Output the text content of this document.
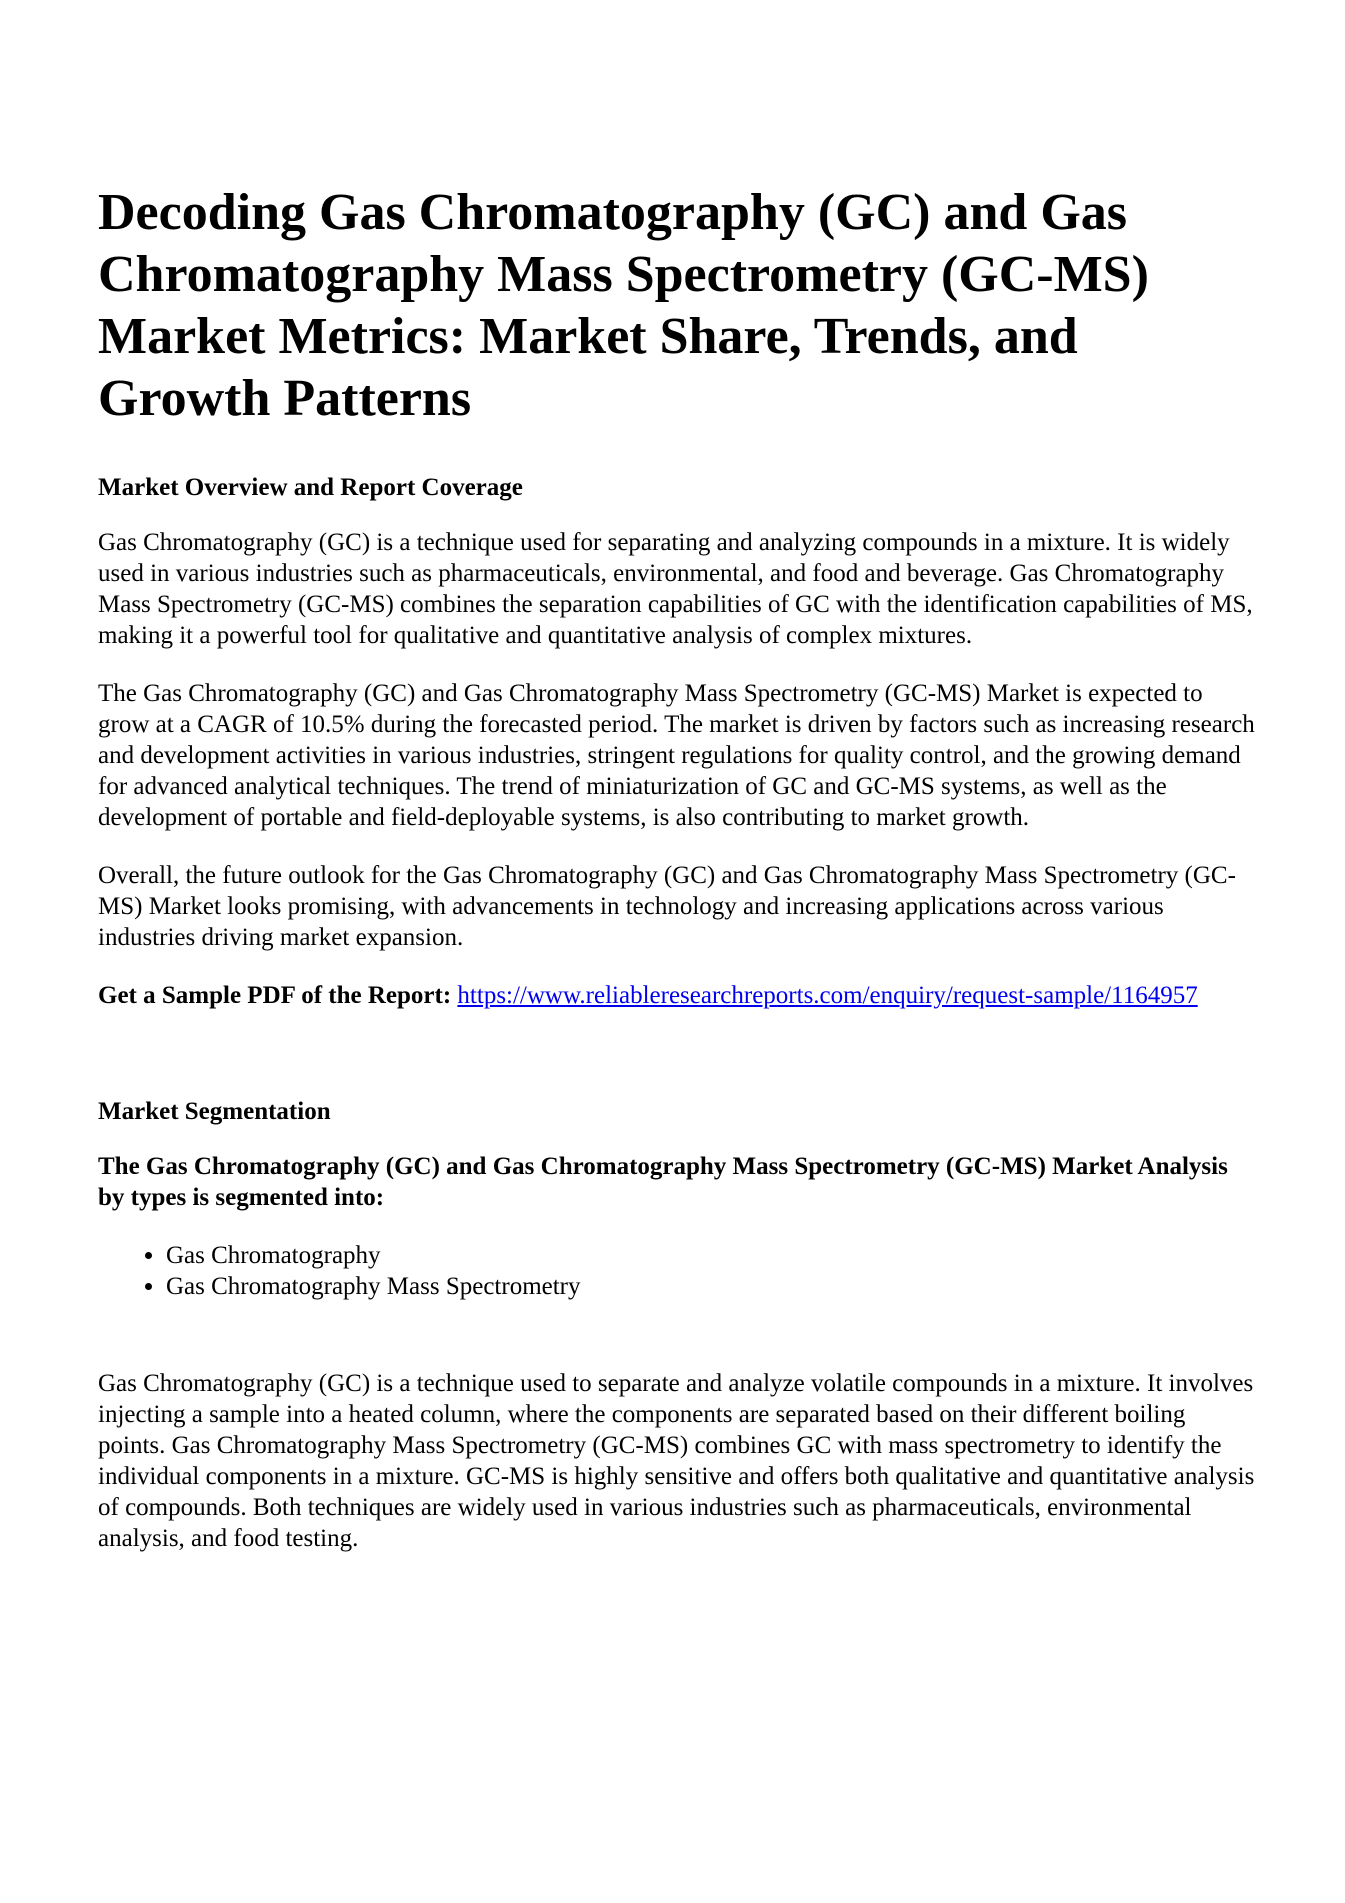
Decoding Gas Chromatography (GC) and Gas Chromatography Mass Spectrometry (GC-MS) Market Metrics: Market Share, Trends, and Growth Patterns
Market Overview and Report Coverage

Gas Chromatography (GC) is a technique used for separating and analyzing compounds in a mixture. It is widely used in various industries such as pharmaceuticals, environmental, and food and beverage. Gas Chromatography Mass Spectrometry (GC-MS) combines the separation capabilities of GC with the identification capabilities of MS, making it a powerful tool for qualitative and quantitative analysis of complex mixtures.

The Gas Chromatography (GC) and Gas Chromatography Mass Spectrometry (GC-MS) Market is expected to grow at a CAGR of 10.5% during the forecasted period. The market is driven by factors such as increasing research and development activities in various industries, stringent regulations for quality control, and the growing demand for advanced analytical techniques. The trend of miniaturization of GC and GC-MS systems, as well as the development of portable and field-deployable systems, is also contributing to market growth.

Overall, the future outlook for the Gas Chromatography (GC) and Gas Chromatography Mass Spectrometry (GC-MS) Market looks promising, with advancements in technology and increasing applications across various industries driving market expansion.

Get a Sample PDF of the Report: https://www.reliableresearchreports.com/enquiry/request-sample/1164957

Market Segmentation
The Gas Chromatography (GC) and Gas Chromatography Mass Spectrometry (GC-MS) Market Analysis by types is segmented into:
• Gas Chromatography
• Gas Chromatography Mass Spectrometry

Gas Chromatography (GC) is a technique used to separate and analyze volatile compounds in a mixture. It involves injecting a sample into a heated column, where the components are separated based on their different boiling points. Gas Chromatography Mass Spectrometry (GC-MS) combines GC with mass spectrometry to identify the individual components in a mixture. GC-MS is highly sensitive and offers both qualitative and quantitative analysis of compounds. Both techniques are widely used in various industries such as pharmaceuticals, environmental analysis, and food testing.
